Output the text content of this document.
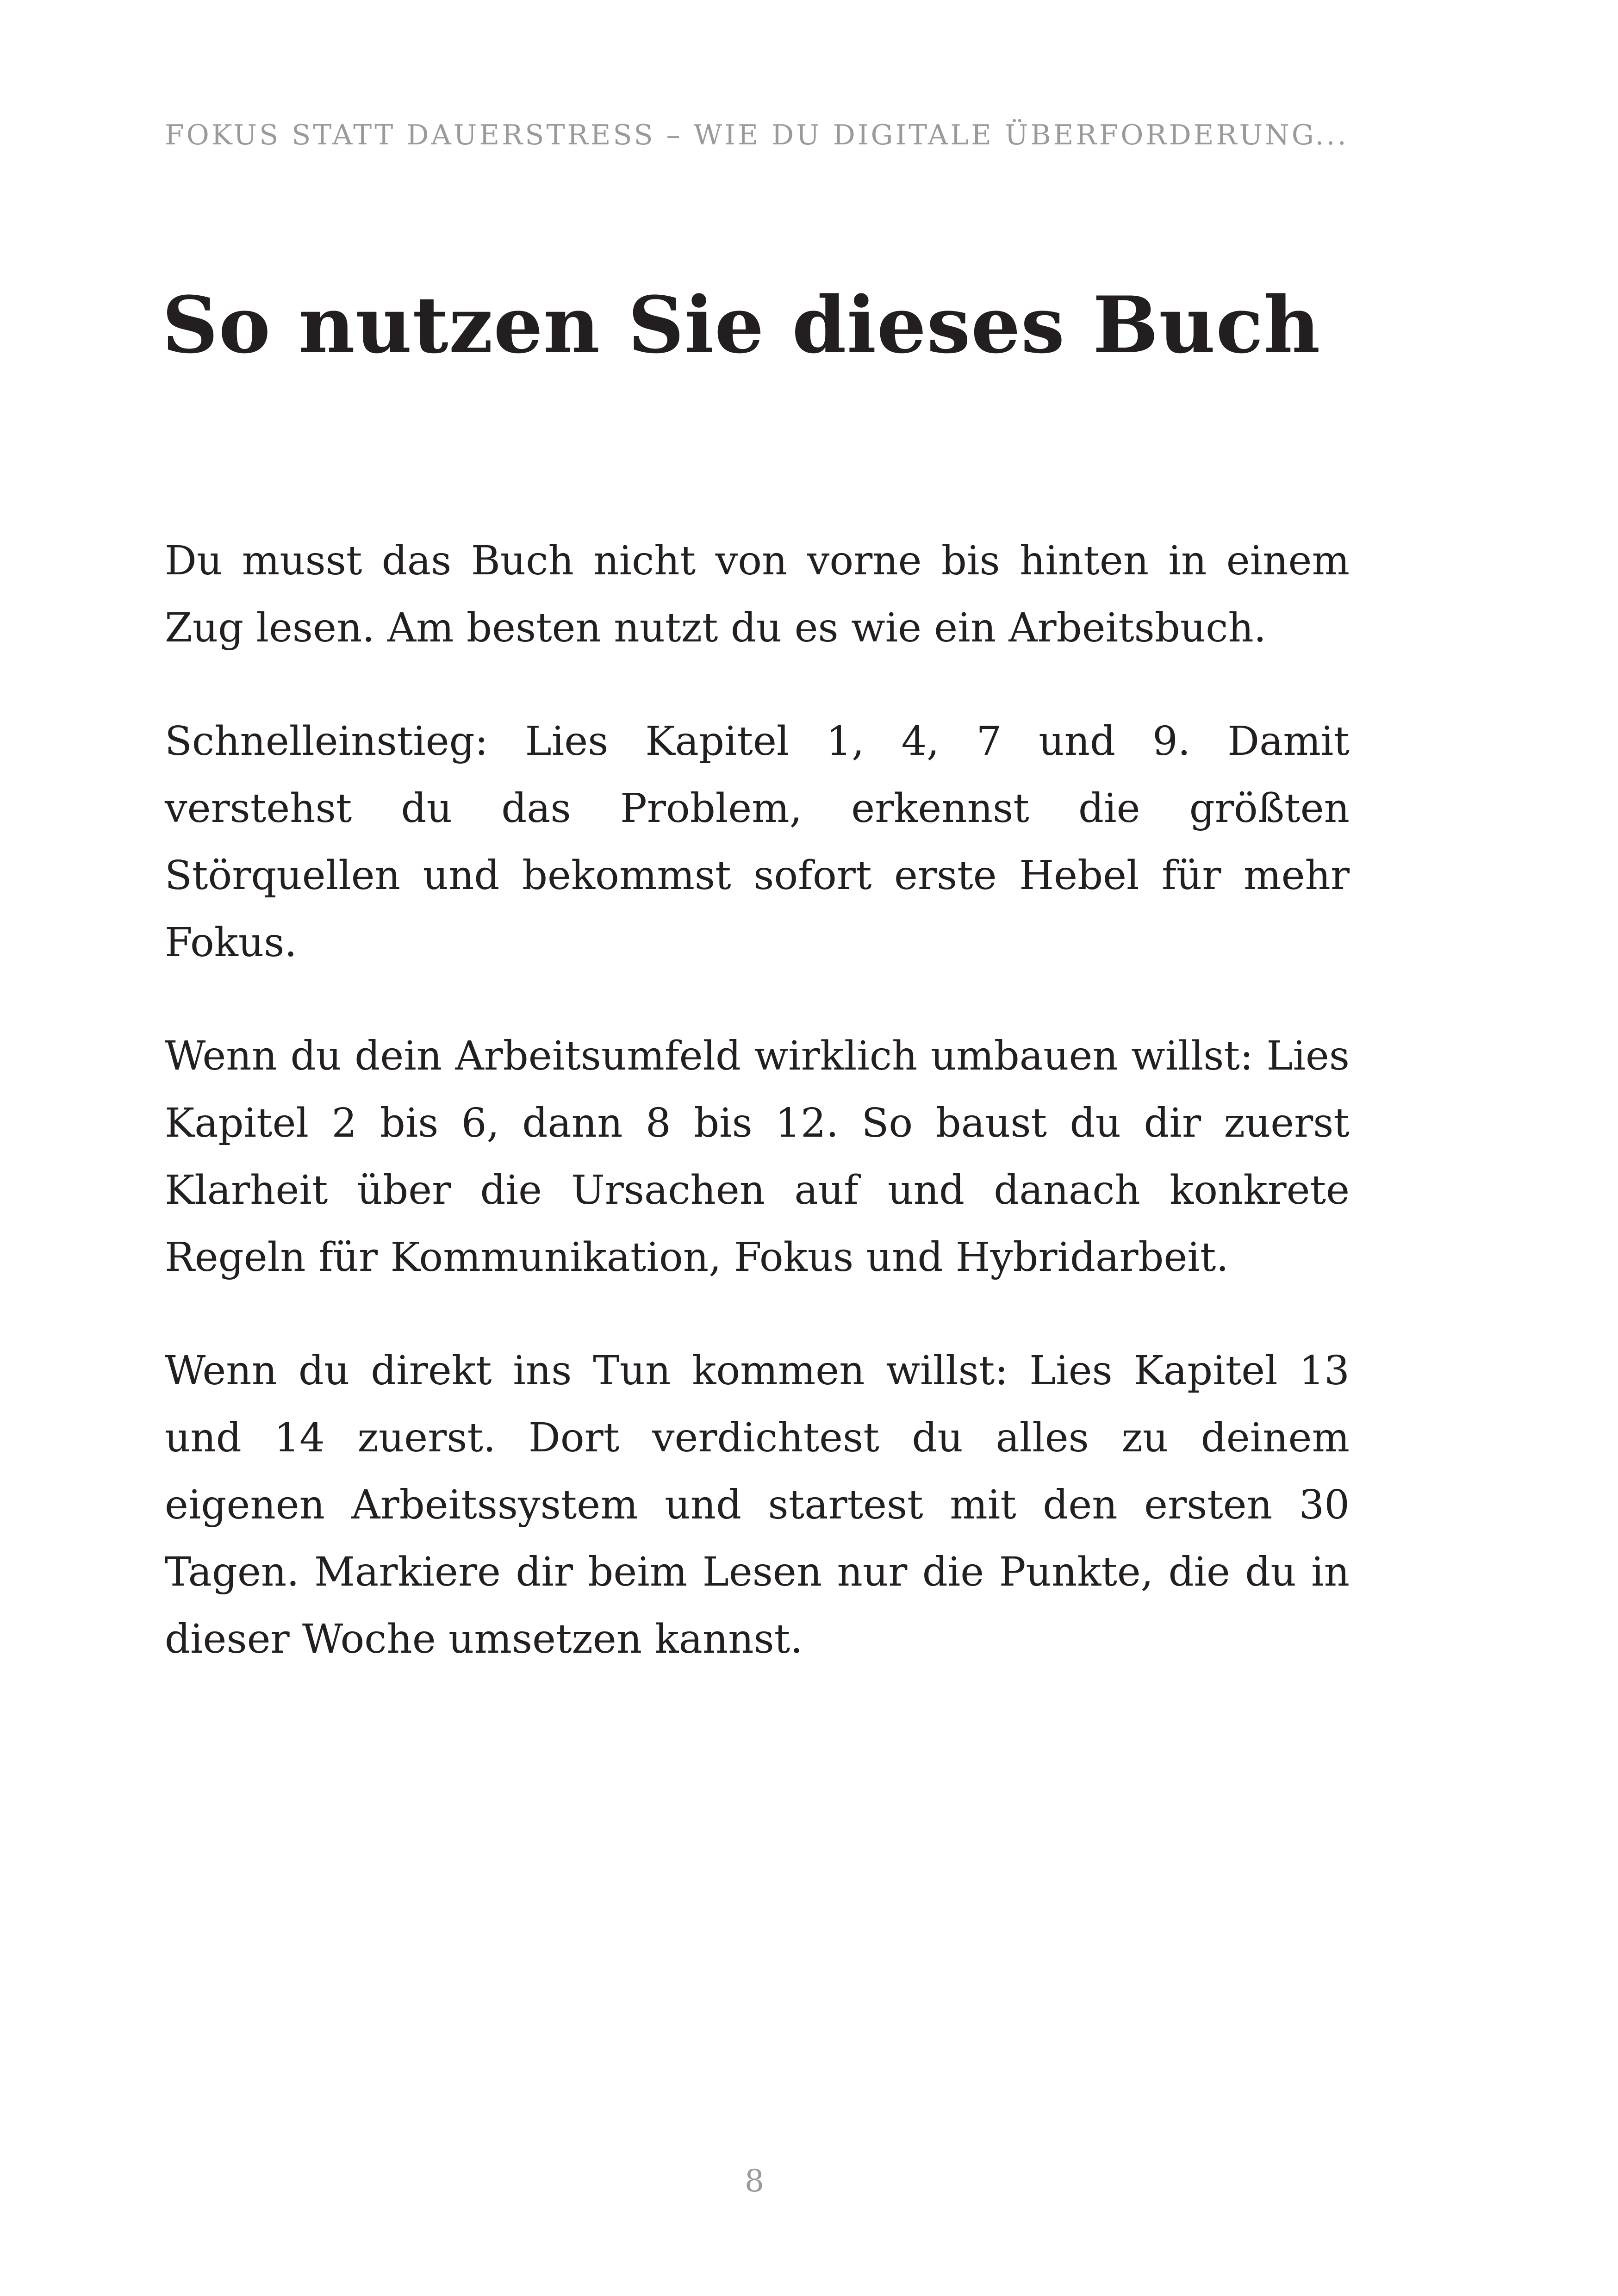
FOKUS STATT DAUERSTRESS – WIE DU DIGITALE ÜBERFORDERUNG...
So nutzen Sie dieses Buch

Du musst das Buch nicht von vorne bis hinten in einem Zug lesen. Am besten nutzt du es wie ein Arbeitsbuch.

Schnelleinstieg: Lies Kapitel 1, 4, 7 und 9. Damit verstehst du das Problem, erkennst die größten Störquellen und bekommst sofort erste Hebel für mehr Fokus.

Wenn du dein Arbeitsumfeld wirklich umbauen willst: Lies Kapitel 2 bis 6, dann 8 bis 12. So baust du dir zuerst Klarheit über die Ursachen auf und danach konkrete Regeln für Kommunikation, Fokus und Hybridarbeit.

Wenn du direkt ins Tun kommen willst: Lies Kapitel 13 und 14 zuerst. Dort verdichtest du alles zu deinem eigenen Arbeitssystem und startest mit den ersten 30 Tagen. Markiere dir beim Lesen nur die Punkte, die du in dieser Woche umsetzen kannst.

8
